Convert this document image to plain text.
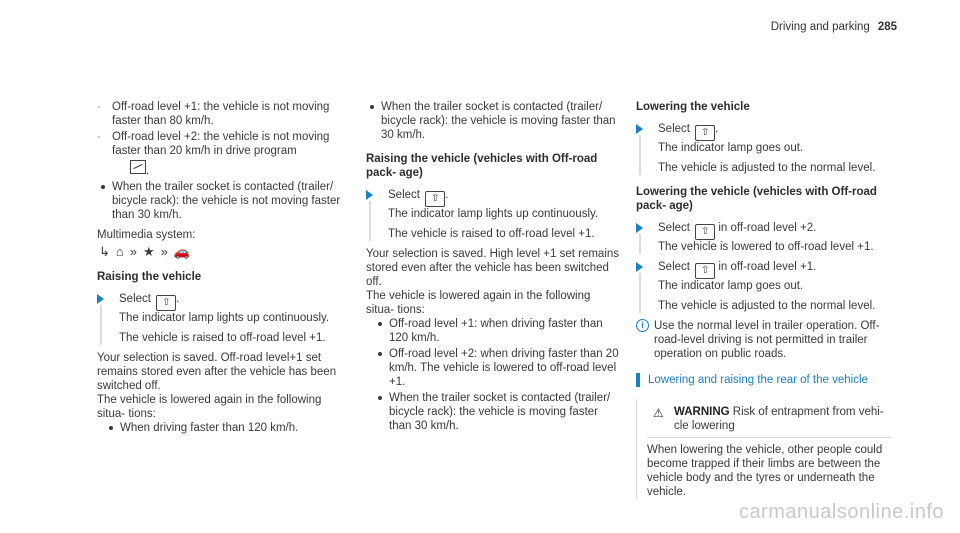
Driving and parking 285
- Off-road level +1: the vehicle is not moving faster than 80 km/h.
- Off-road level +2: the vehicle is not moving faster than 20 km/h in drive program
.
When the trailer socket is contacted (trailer/ bicycle rack): the vehicle is not moving faster than 30 km/h.

Multimedia system:

↳ ⌂ » ★ » 🚗
Raising the vehicle
Select ⇧ .
The indicator lamp lights up continuously.
The vehicle is raised to off-road level +1.

Your selection is saved. Off-road level+1 set remains stored even after the vehicle has been switched off.

The vehicle is lowered again in the following situa- tions:

When driving faster than 120 km/h.
When the trailer socket is contacted (trailer/ bicycle rack): the vehicle is moving faster than 30 km/h.
Raising the vehicle (vehicles with Off-road pack- age)
Select ⇧ .
The indicator lamp lights up continuously.
The vehicle is raised to off-road level +1.

Your selection is saved. High level +1 set remains stored even after the vehicle has been switched off.

The vehicle is lowered again in the following situa- tions:

Off-road level +1: when driving faster than 120 km/h.
Off-road level +2: when driving faster than 20 km/h. The vehicle is lowered to off-road level +1.
When the trailer socket is contacted (trailer/ bicycle rack): the vehicle is moving faster than 30 km/h.
Lowering the vehicle
Select ⇧ .
The indicator lamp goes out.
The vehicle is adjusted to the normal level.
Lowering the vehicle (vehicles with Off-road pack- age)
Select ⇧ in off-road level +2.
The vehicle is lowered to off-road level +1.
Select ⇧ in off-road level +1.
The indicator lamp goes out.
The vehicle is adjusted to the normal level.
i Use the normal level in trailer operation. Off- road-level driving is not permitted in trailer operation on public roads.
Lowering and raising the rear of the vehicle
⚠ WARNING Risk of entrapment from vehi- cle lowering
When lowering the vehicle, other people could become trapped if their limbs are between the vehicle body and the tyres or underneath the vehicle.
carmanualsonline.info
